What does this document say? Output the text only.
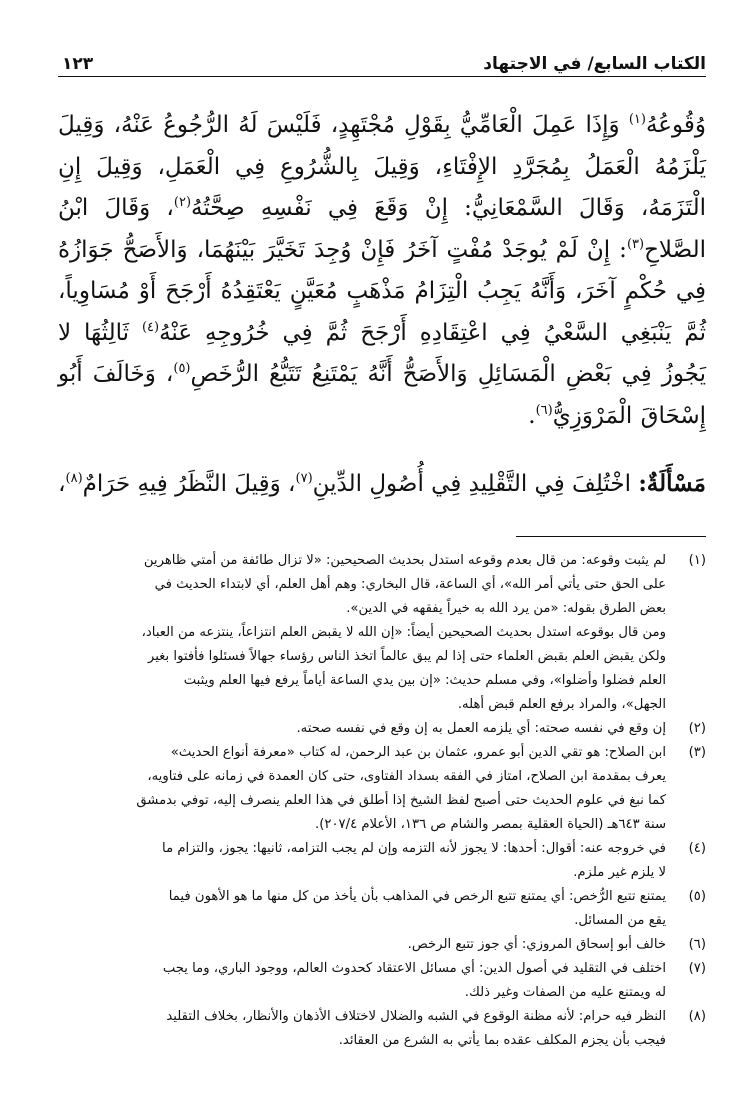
الكتاب السابع/ في الاجتهاد
١٢٣
وُقُوعُهُ$^{(١)}$ وَإِذَا عَمِلَ الْعَامِّيُّ بِقَوْلِ مُجْتَهِدٍ، فَلَيْسَ لَهُ الرُّجُوعُ عَنْهُ، وَقِيلَ يَلْزَمُهُ الْعَمَلُ بِمُجَرَّدِ الإِفْتَاءِ، وَقِيلَ بِالشُّرُوعِ فِي الْعَمَلِ، وَقِيلَ إِنِ الْتَزَمَهُ، وَقَالَ السَّمْعَانِيُّ: إِنْ وَقَعَ فِي نَفْسِهِ صِحَّتُهُ$^{(٢)}$، وَقَالَ ابْنُ الصَّلاحِ$^{(٣)}$: إِنْ لَمْ يُوجَدْ مُفْتٍ آخَرُ فَإِنْ وُجِدَ تَخَيَّرَ بَيْنَهُمَا، وَالأَصَحُّ جَوَازُهُ فِي حُكْمٍ آخَرَ، وَأَنَّهُ يَجِبُ الْتِزَامُ مَذْهَبٍ مُعَيَّنٍ يَعْتَقِدُهُ أَرْجَحَ أَوْ مُسَاوِياً، ثُمَّ يَنْبَغِي السَّعْيُ فِي اعْتِقَادِهِ أَرْجَحَ ثُمَّ فِي خُرُوجِهِ عَنْهُ$^{(٤)}$ ثَالِثُهَا لا يَجُوزُ فِي بَعْضِ الْمَسَائِلِ وَالأَصَحُّ أَنَّهُ يَمْتَنِعُ تَتَبُّعُ الرُّخَصِ$^{(٥)}$، وَخَالَفَ أَبُو إِسْحَاقَ الْمَرْوَزِيُّ$^{(٦)}$.
مَسْأَلَةٌ: اخْتُلِفَ فِي التَّقْلِيدِ فِي أُصُولِ الدِّينِ$^{(٧)}$، وَقِيلَ النَّظَرُ فِيهِ حَرَامٌ$^{(٨)}$،
(١)
لم يثبت وقوعه: من قال بعدم وقوعه استدل بحديث الصحيحين: «لا تزال طائفة من أمتي ظاهرين
على الحق حتى يأتي أمر الله»، أي الساعة، قال البخاري: وهم أهل العلم، أي لابتداء الحديث في
بعض الطرق بقوله: «من يرد الله به خيراً يفقهه في الدين».
ومن قال بوقوعه استدل بحديث الصحيحين أيضاً: «إن الله لا يقبض العلم انتزاعاً، ينتزعه من العباد،
ولكن يقبض العلم بقبض العلماء حتى إذا لم يبق عالماً اتخذ الناس رؤساء جهالاً فسئلوا فأفتوا بغير
العلم فضلوا وأضلوا»، وفي مسلم حديث: «إن بين يدي الساعة أياماً يرفع فيها العلم ويثبت
الجهل»، والمراد برفع العلم قبض أهله.
(٢)
إن وقع في نفسه صحته: أي يلزمه العمل به إن وقع في نفسه صحته.
(٣)
ابن الصلاح: هو تقي الدين أبو عمرو، عثمان بن عبد الرحمن، له كتاب «معرفة أنواع الحديث»
يعرف بمقدمة ابن الصلاح، امتاز في الفقه بسداد الفتاوى، حتى كان العمدة في زمانه على فتاويه،
كما نبغ في علوم الحديث حتى أصبح لفظ الشيخ إذا أطلق في هذا العلم ينصرف إليه، توفي بدمشق
سنة ٦٤٣هـ (الحياة العقلية بمصر والشام ص ١٣٦، الأعلام ٢٠٧/٤).
(٤)
في خروجه عنه: أقوال: أحدها: لا يجوز لأنه التزمه وإن لم يجب التزامه، ثانيها: يجوز، والتزام ما
لا يلزم غير ملزم.
(٥)
يمتنع تتبع الرُّخص: أي يمتنع تتبع الرخص في المذاهب بأن يأخذ من كل منها ما هو الأهون فيما
يقع من المسائل.
(٦)
خالف أبو إسحاق المروزي: أي جوز تتبع الرخص.
(٧)
اختلف في التقليد في أصول الدين: أي مسائل الاعتقاد كحدوث العالم، ووجود الباري، وما يجب
له ويمتنع عليه من الصفات وغير ذلك.
(٨)
النظر فيه حرام: لأنه مظنة الوقوع في الشبه والضلال لاختلاف الأذهان والأنظار، بخلاف التقليد
فيجب بأن يجزم المكلف عقده بما يأتي به الشرع من العقائد.
